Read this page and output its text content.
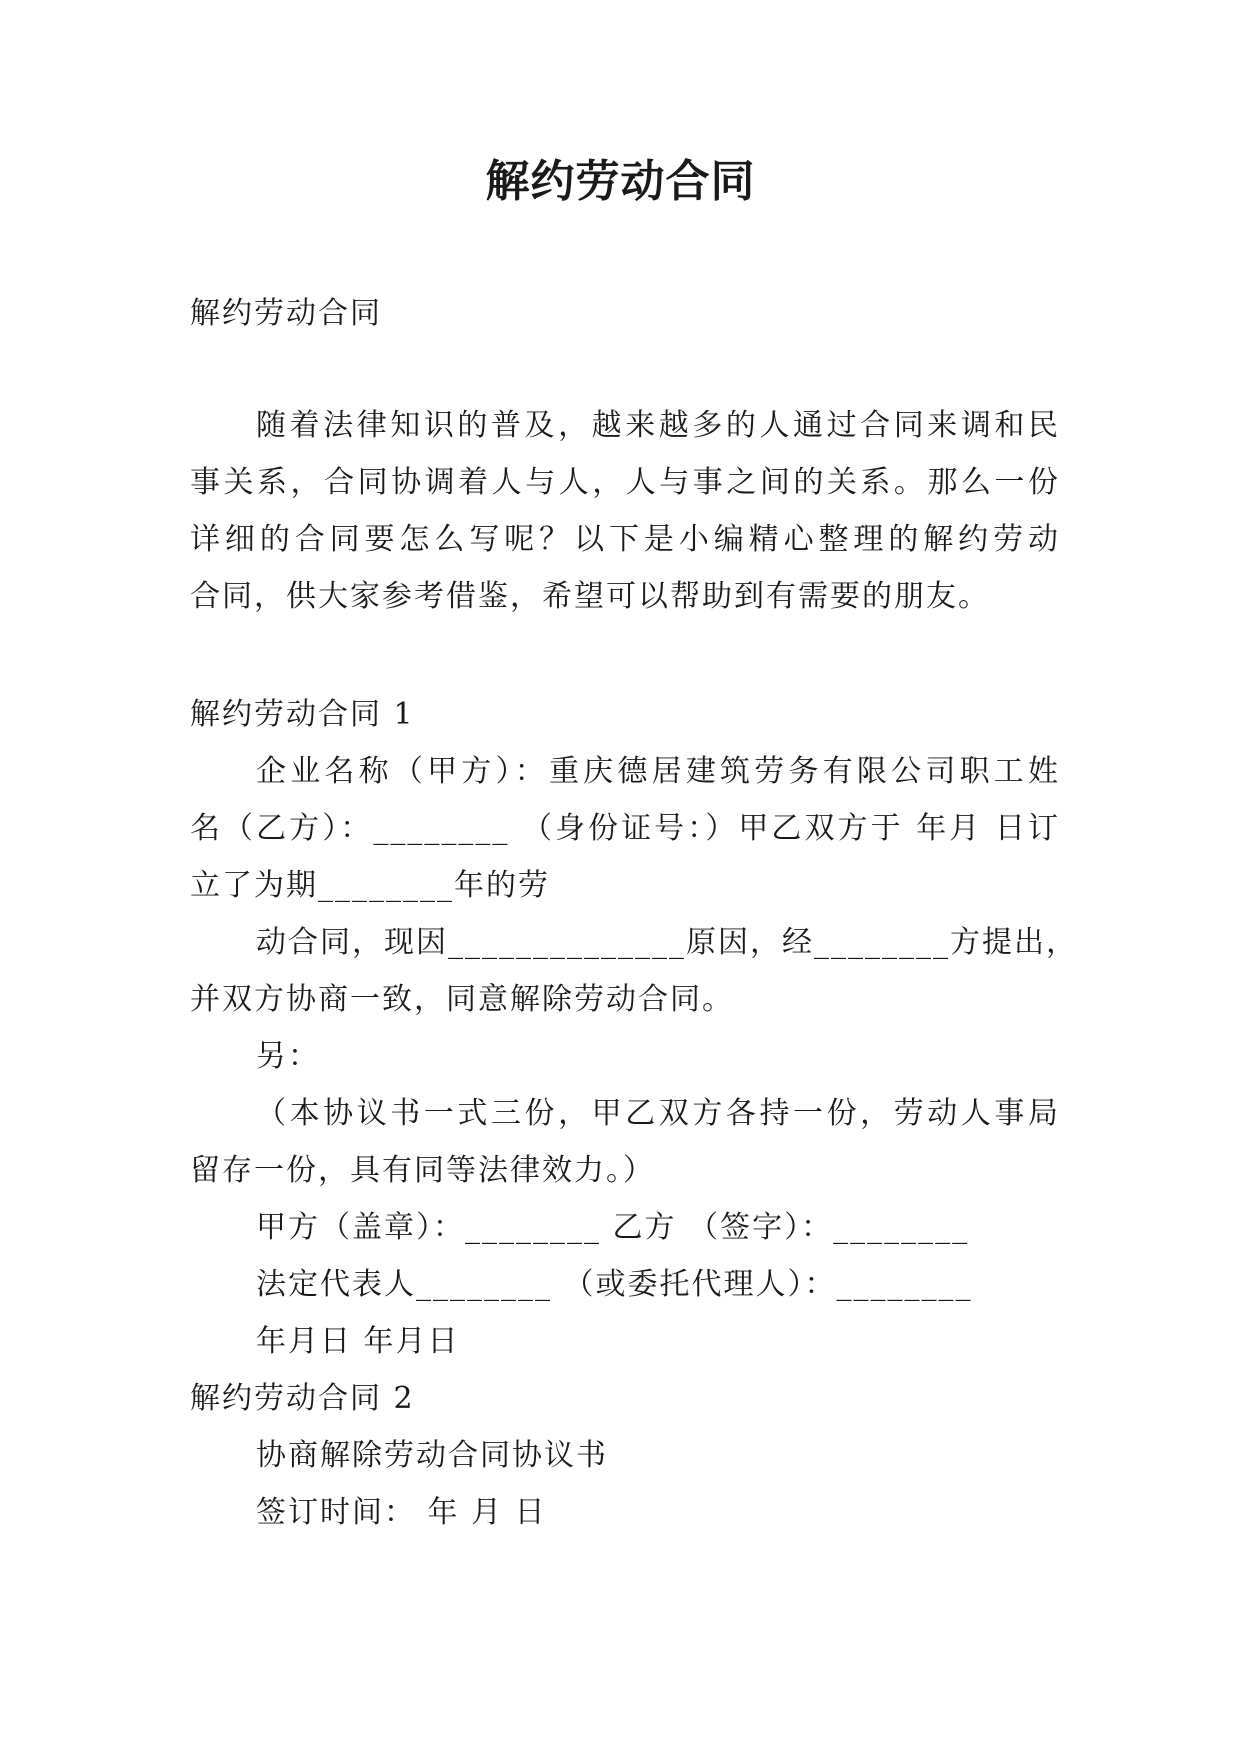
解约劳动合同
解约劳动合同
随着法律知识的普及，越来越多的人通过合同来调和民
事关系，合同协调着人与人，人与事之间的关系。那么一份
详细的合同要怎么写呢？以下是小编精心整理的解约劳动
合同，供大家参考借鉴，希望可以帮助到有需要的朋友。
解约劳动合同 1
企业名称（甲方）：重庆德居建筑劳务有限公司职工姓
名（乙方）：________ （身份证号：）甲乙双方于 年月 日订
立了为期________年的劳
动合同，现因______________原因，经________方提出，
并双方协商一致，同意解除劳动合同。
另：
（本协议书一式三份，甲乙双方各持一份，劳动人事局
留存一份，具有同等法律效力。）
甲方（盖章）：________ 乙方 （签字）：________
法定代表人________ （或委托代理人）：________
年月日 年月日
解约劳动合同 2
协商解除劳动合同协议书
签订时间： 年 月 日
